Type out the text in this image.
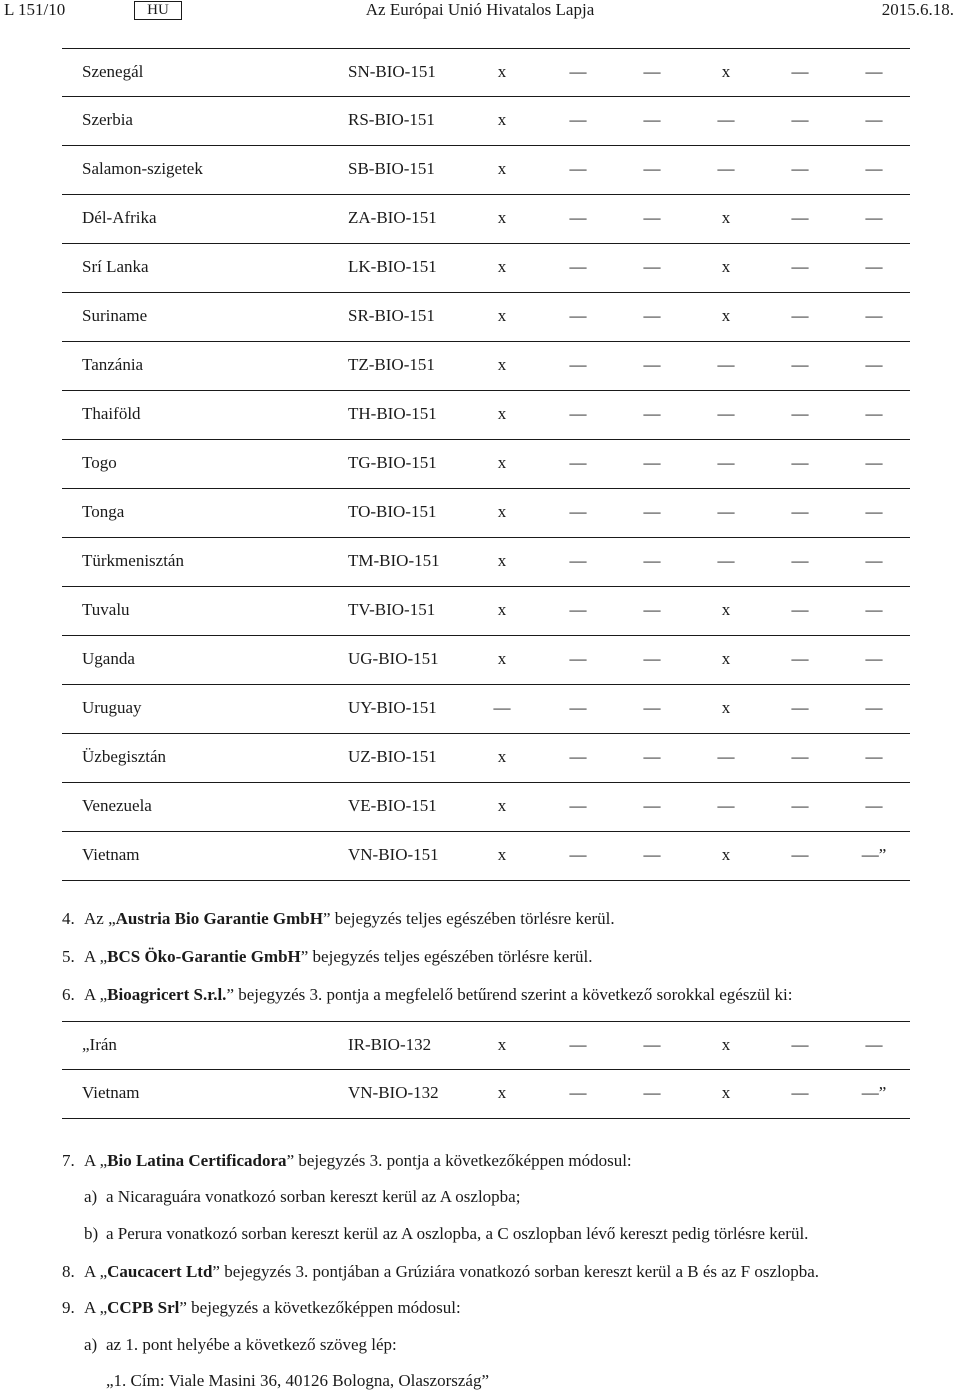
L 151/10	HU	Az Európai Unió Hivatalos Lapja	2015.6.18.
Szenegál	SN-BIO-151	x	—	—	x	—	—
Szerbia	RS-BIO-151	x	—	—	—	—	—
Salamon-szigetek	SB-BIO-151	x	—	—	—	—	—
Dél-Afrika	ZA-BIO-151	x	—	—	x	—	—
Srí Lanka	LK-BIO-151	x	—	—	x	—	—
Suriname	SR-BIO-151	x	—	—	x	—	—
Tanzánia	TZ-BIO-151	x	—	—	—	—	—
Thaiföld	TH-BIO-151	x	—	—	—	—	—
Togo	TG-BIO-151	x	—	—	—	—	—
Tonga	TO-BIO-151	x	—	—	—	—	—
Türkmenisztán	TM-BIO-151	x	—	—	—	—	—
Tuvalu	TV-BIO-151	x	—	—	x	—	—
Uganda	UG-BIO-151	x	—	—	x	—	—
Uruguay	UY-BIO-151	—	—	—	x	—	—
Üzbegisztán	UZ-BIO-151	x	—	—	—	—	—
Venezuela	VE-BIO-151	x	—	—	—	—	—
Vietnam	VN-BIO-151	x	—	—	x	—	—”
4. Az „Austria Bio Garantie GmbH” bejegyzés teljes egészében törlésre kerül.
5. A „BCS Öko-Garantie GmbH” bejegyzés teljes egészében törlésre kerül.
6. A „Bioagricert S.r.l.” bejegyzés 3. pontja a megfelelő betűrend szerint a következő sorokkal egészül ki:
„Irán	IR-BIO-132	x	—	—	x	—	—
Vietnam	VN-BIO-132	x	—	—	x	—	—”
7. A „Bio Latina Certificadora” bejegyzés 3. pontja a következőképpen módosul:
a) a Nicaraguára vonatkozó sorban kereszt kerül az A oszlopba;
b) a Perura vonatkozó sorban kereszt kerül az A oszlopba, a C oszlopban lévő kereszt pedig törlésre kerül.
8. A „Caucacert Ltd” bejegyzés 3. pontjában a Grúziára vonatkozó sorban kereszt kerül a B és az F oszlopba.
9. A „CCPB Srl” bejegyzés a következőképpen módosul:
a) az 1. pont helyébe a következő szöveg lép:
„1. Cím: Viale Masini 36, 40126 Bologna, Olaszország”
